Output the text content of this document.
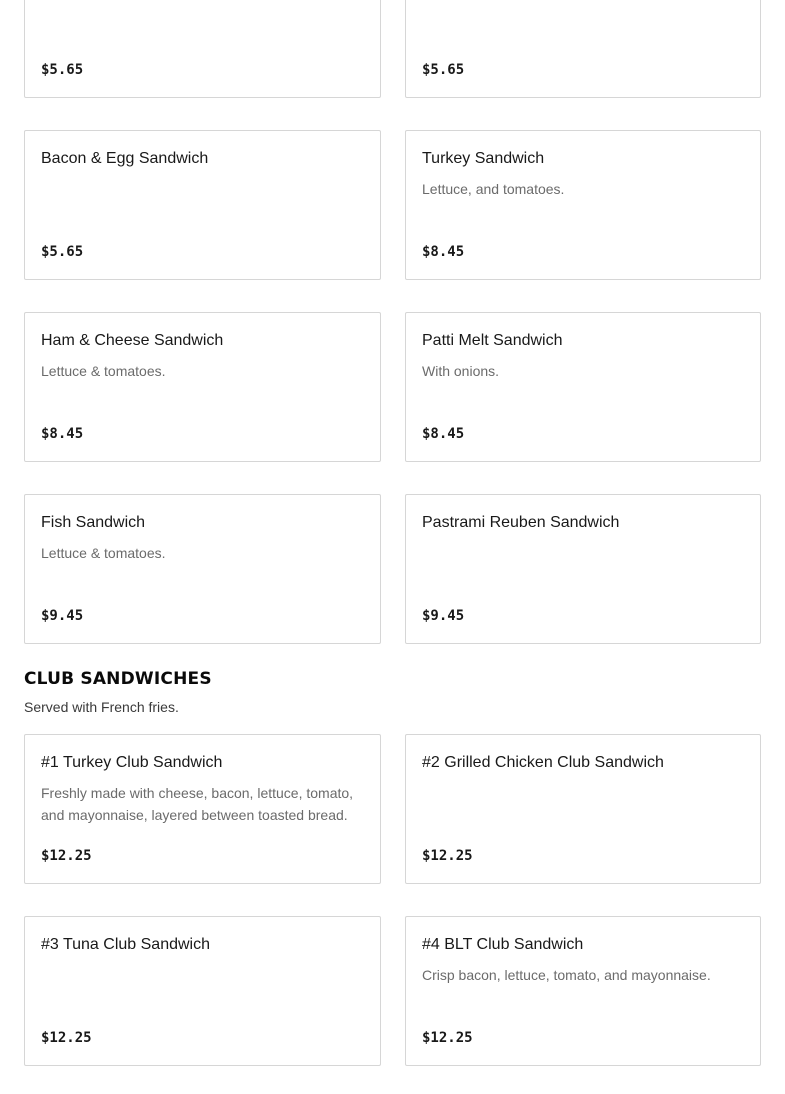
$5.65	$5.65
Bacon & Egg Sandwich
$5.65
Turkey Sandwich
Lettuce, and tomatoes.
$8.45
Ham & Cheese Sandwich
Lettuce & tomatoes.
$8.45
Patti Melt Sandwich
With onions.
$8.45
Fish Sandwich
Lettuce & tomatoes.
$9.45
Pastrami Reuben Sandwich
$9.45
CLUB SANDWICHES
Served with French fries.
#1 Turkey Club Sandwich
Freshly made with cheese, bacon, lettuce, tomato, and mayonnaise, layered between toasted bread.
$12.25
#2 Grilled Chicken Club Sandwich
$12.25
#3 Tuna Club Sandwich
$12.25
#4 BLT Club Sandwich
Crisp bacon, lettuce, tomato, and mayonnaise.
$12.25
